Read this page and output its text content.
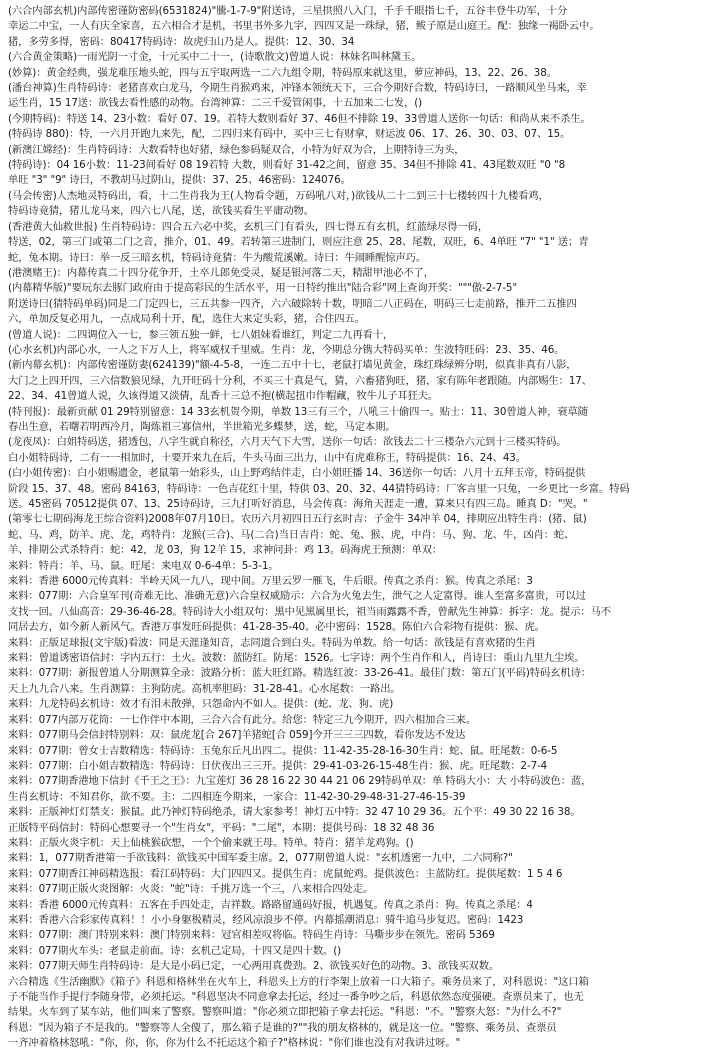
(六合内部玄机)内部传密谨防密码(6531824)"騰-1-7-9"附送诗，三星拱照八入门，千手千眼指七千，五谷丰登牛功军，十分
幸运二中宝，一人有庆全家喜，五六相合才是机，书里书外多九字，四四又是一珠绿，猪，鲅子原是山庭王。配：独缘一褐卧云中。
猪，多劳多得，密码：80417特码诗：故虎归山乃是人。提供：12、30、34
(六合黄金策略)一雨光阴一寸金，十元买中二十一，(诗歌散文)曾道人说：林妹名叫林黛玉。
(妙算)：黄金经典，强龙难压地头蛇，四与五宇取两选一二六九组令期，特码原来就这里，萝应神码，13、22、26、38。
(潘台神算)生肖特码诗：老猪喜欢白龙马，今期生肖猴鸡来，冲锋本领统天下，三合今期好合数，特码诗曰，一路顺风坐马来，幸
运生肖，15 17送：欲钱去看性感的动物。台湾神算：二三千爱管闲事，十五加来二七发，()
(今期特码)：特送 14、23小数：看好 07、19。若特大数则看好 37、46但不排除 19、33曾道人送你一句话：和尚从来不杀生。
(特码诗 880)：特，一六月开跑九来先，配，二四归来有码中，买中三七有财拿，财运波 06、17、26、30、03、07、15。
(新澳江嫦经)：生肖特码诗：大数看特也好猪，绿色参码疑双合，小特为好双为合，上期特诗三为头，
(特码诗)：04 16小数：11-23间看好 08 19若特 大数，则看好 31-42之间，留意 35、34但不排除 41、43尾数双旺 "0 "8
单旺 "3" "9" 诗曰，不教胡马过阴山，提供：37、25、46密码：124076。
(马会传密)人杰地灵特码出，看，十二生肖我为王(人物看令题，万码吼八对，)欲钱从二十二到三十七楼转四十九楼看鸡，
特码诗竟猜，猪儿龙马来，四六七八尾，送，欲钱买看生平庸动物。
(香港黄大仙救世报) 生肖特码诗：四合五六必中奖，玄机三门有看头，四七得五有玄机，红蓝绿尽得一码，
特送，02，第三门或第二门之音，推介，01、49。若转第三进制门，则应注意 25、28、尾数，双旺，6、4单旺 "7" "1" 送；青
蛇，兔本期。诗曰：举一反三暗玄机，特码诗竟猜：牛为酸荒溪嫩。诗曰：牛闹睡醒惊声巧。
(港澳赌王)：内幕传真二十四分花争开，土卒儿郎免受灵，疑是银河落二天，精甜甲池必不了，
(内幕精华版)"要玩东去豚门政府由于提高彩民的生活水平，用一日特约推出"陆合彩"网上查询开奖："""傲-2-7-5"
附送诗曰(猜特码单码)同是二门定四七，三五共参一四齐，六六破除转十数，明暗二八正码在，明码三七走前路，推开二五推四
六，单加反复必用九，一点成局利十开，配，选住大来定头彩，猪，合住四五。
(曾道人说)：二四调位入一七，参三领五独一鲜，七八姐妹看谁红，判定二九再看十，
(心水玄机)内部心水，一人之下万人上，将军威权千里威。生肖：龙，今期总分镌大特码买单：生波特旺码：23、35、46。
(新内幕玄机)：内部传密谨防妻(624139)"额-4-5-8，一连二五中十七，老鼠打墙见黄金，珠红珠绿辨分明，似真非真有八影，
大门之上四开四，三六信数狼见绿，九开旺码十分利，不买三十真是气，猜，六畜猪狗旺，猪，家有陈年老跟随。内部赐生：17、
22、34、41曾道人说，久该得道又淡倩，乱香十三总不抱(横起扭巾作帽藏，牧牛儿子耳狂夫。
(特刊报)：最新贡献 01 29特别留意：14 33玄机贺今期，单数 13三有三个，八吼三十偷四一。贴士：11、30曾道人神，衰草随
春出生意，若曙若明西冷月，陶炼祖三寡信州，半世箱光多蝶梦，送，蛇，马定本期。
(龙夜凤)：白姐特码送，猪透包，八字生就自称径，六月天气下大雪，送你一句话：欲钱去二十三楼杂六元到十三楼买特码。
白小姐特码诗，二有一一相加时，十要开来九在后，牛头马面三出力，山中有虎难称王，特码提供：16、24、43。
(白小姐传密)：白小姐赐遗金，老鼠第一始彩头，山上野鸡结伴走，白小姐旺播 14、36送你一句话：八月十五拜玉帝，特码提供
阶段 15、37、48。密码 84163，特码诗：一色吉花红十里，特供 03、20、32、44猜特码诗：厂客言里一只兔，一乡更比一乡富。特码
送。45密码 70512提供 07、13、25诗码诗，三九打听好消息，马会传真：海角天涯走一遭，算来只有四三岛。睡真 D："哭。"
(第零七七期码海龙王综合资料)2008年07月10日。农历六月初四日五行玄时吉：子金牛 34冲羊 04，排期应出特生肖：(猪、鼠)
蛇、马、鸡，防羊、虎、龙，鸡特肖：龙猴(三合)、马(二合)当日吉肖：蛇、兔、猴、虎，中肖：马、狗、龙、牛，凶肖：蛇、
羊、排期公式杀特肖：蛇：42，龙 03，狗 12羊 15，求神问卦：鸡 13。码海虎王预测：单双：
来料：特肖：羊、马、鼠。旺尾：来电双 0-6-4单：5-3-1。
来料：香港 6000元传真料：半岭天风一九八，现中间。万里云罗一雁飞，牛后眼。传真之杀肖：猴。传真之杀尾：3
来料：077期：六合皇军刊(奇难无比、准确无意)六合皇权威励示：六合为火兔去生，泄气之人定富得。谁人至富多富贵，可以过
支找一回。八仙高音：29-36-46-28。特码诗大小组双句：黑中见黑属里长，祖当雨露露不香，曾献先生神算：拆字：龙。提示：马不
同居去方，如今新人新风气。香港万事发旺码提供：41-28-35-40。必中密码：1528。陈伯六合彩物有提供：猴、虎。
来料：正版足球报(文宇版)看波：同是天涯逢知音，志同道合到白头。特码为单数。给一句话：欲钱是有喜欢猪的生肖
来料：曾道诱密语信封：字内五行：土火。波数：蓝防红。防尾：1526。七字诗：两个生肖作和人，肖诗曰：重山九里九尘埃。
来料：077期：新报曾道人分期测算全录：波路分析：蓝大旺红路。精选红波：33-26-41。最佳门数：第五门(平码)特码玄机诗：
天上九九合八来。生肖测算：主狗防虎。高机率胆码：31-28-41。心水尾数：一路出。
来料：九龙特码玄机诗：效才有泪未散弹，只怨命内不如人。提供：(蛇、龙、狗、虎)
来料：077内部万花筒：一七作伴中本期，三合六合有此分。给您：特定三九今期开，四六相加合三来。
来料：077期马会信封特别料：双：鼠虎龙[合 267]羊猪蛇[合 059]今开三三三四数，看你发达不发达
来料：077期：曾女士吉数精选：特码诗：玉兔东丘凡出四二。提供：11-42-35-28-16-30生肖：蛇、鼠。旺尾数：0-6-5
来料：077期：白小姐吉数精选：特码诗：日伏夜出三三开。提供：29-41-03-26-15-48生肖：猴、虎。旺尾数：2-7-4
来料：077期香港地下信封《千王之王》：九宝莲灯 36 28 16 22 30 44 21 06 29特码单双：单 特码大小：大 小特码波色：蓝，
生肖玄机诗：不知君你，欲不要。主：二四相连今期来，一家合：11-42-30-29-48-31-27-46-15-39
来料：正版神灯灯禁支：猴鼠。此乃神灯特码绝杀，请大家参考！神灯五中特：32 47 10 29 36。五个平：49 30 22 16 38。
正版特平码信封：特码心想要寻一个"生肖女"，平码："二尾"，本期：提供号码：18 32 48 36
来料：正版火炎字机：天上仙桃猴砍想，一个个偷来就王母。特单。特肖：猪羊龙鸡狗。()
来料：1，077期香港第一手欲钱料：欲钱买中国军委主席。2，077期曾道人说："玄机透密一九中，二六同称?"
来料：077期香江神码精选报：看江码特码：大门四四又。提供生肖：虎鼠蛇鸡。提供波色：主蓝防红。提供尾数：1 5 4 6
来料：077期正版火炎图解：火炎："蛇"诗：千挑万选一个三，八来相合四处走。
来料：香港 6000元传真料：五客在手四处走，吉祥数。路路留通码好报，机遇复。传真之杀肖：狗。传真之杀尾：4
来料：香港六合彩家传真料！！小小身躯极精灵，经风凉浪步不停。内幕摇潮消息：骑牛追马步复迟。密码：1423
来料：077期：澳门特别来料：澳门特别来料：冠官相差叹将临。特码生肖诗：马嘶步步在领先。密码 5369
来料：077期火车头：老鼠走前面。诗：玄机己定局，十四又是四十数。()
来料：077期天师生肖特码诗：是大是小码已定，一心两用真费劲。2、欲钱买好色的动物。3、欲钱买双数。
六合精选《生活幽默》《箱子》科恩和格林坐在火车上，科恩头上方的行李架上放着一口大箱子。乘务员来了，对科恩说："这口箱
子不能当作手提行李随身带，必须托运。"科恩坚决不同意拿去托运，经过一番争吵之后，科恩依然态度强硬。查票员来了，也无
结果。火车到了某车站，他们叫来了警察。警察叫道："你必须立即把箱子拿去托运。"科恩："不。"警察大怒："为什么不?"
科恩："因为箱子不是我的。"警察等人全傻了，那么箱子是谁的?""我的朋友格林的，就是这一位。"警察、乘务员、查票员
一齐冲着格林怒吼："你，你，你，你为什么不托运这个箱子?"格林说："你们谁也没有对我讲过呀。"
